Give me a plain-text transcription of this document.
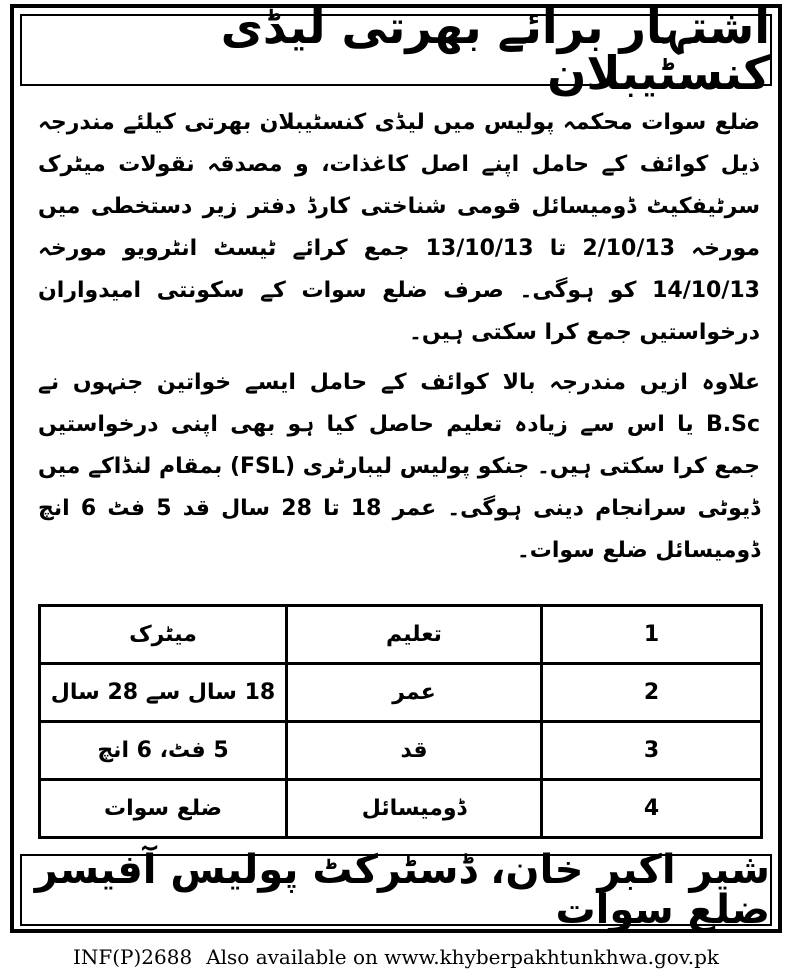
اشتہار برائے بھرتی لیڈی کنسٹیبلان

ضلع سوات محکمہ پولیس میں لیڈی کنسٹیبلان بھرتی کیلئے مندرجہ ذیل کوائف کے حامل اپنے اصل کاغذات، و مصدقہ نقولات میٹرک سرٹیفکیٹ ڈومیسائل قومی شناختی کارڈ دفتر زیر دستخطی میں مورخہ 2/10/13 تا 13/10/13 جمع کرائے ٹیسٹ انٹرویو مورخہ 14/10/13 کو ہوگی۔ صرف ضلع سوات کے سکونتی امیدواران درخواستیں جمع کرا سکتی ہیں۔

علاوہ ازیں مندرجہ بالا کوائف کے حامل ایسے خواتین جنہوں نے B.Sc یا اس سے زیادہ تعلیم حاصل کیا ہو بھی اپنی درخواستیں جمع کرا سکتی ہیں۔ جنکو پولیس لیبارٹری (FSL) بمقام لنڈاکے میں ڈیوٹی سرانجام دینی ہوگی۔ عمر 18 تا 28 سال قد 5 فٹ 6 انچ ڈومیسائل ضلع سوات۔

1	تعلیم	میٹرک
2	عمر	18 سال سے 28 سال
3	قد	5 فٹ، 6 انچ
4	ڈومیسائل	ضلع سوات
شیر اکبر خان، ڈسٹرکٹ پولیس آفیسر ضلع سوات
INF(P)2688 Also available on www.khyberpakhtunkhwa.gov.pk
